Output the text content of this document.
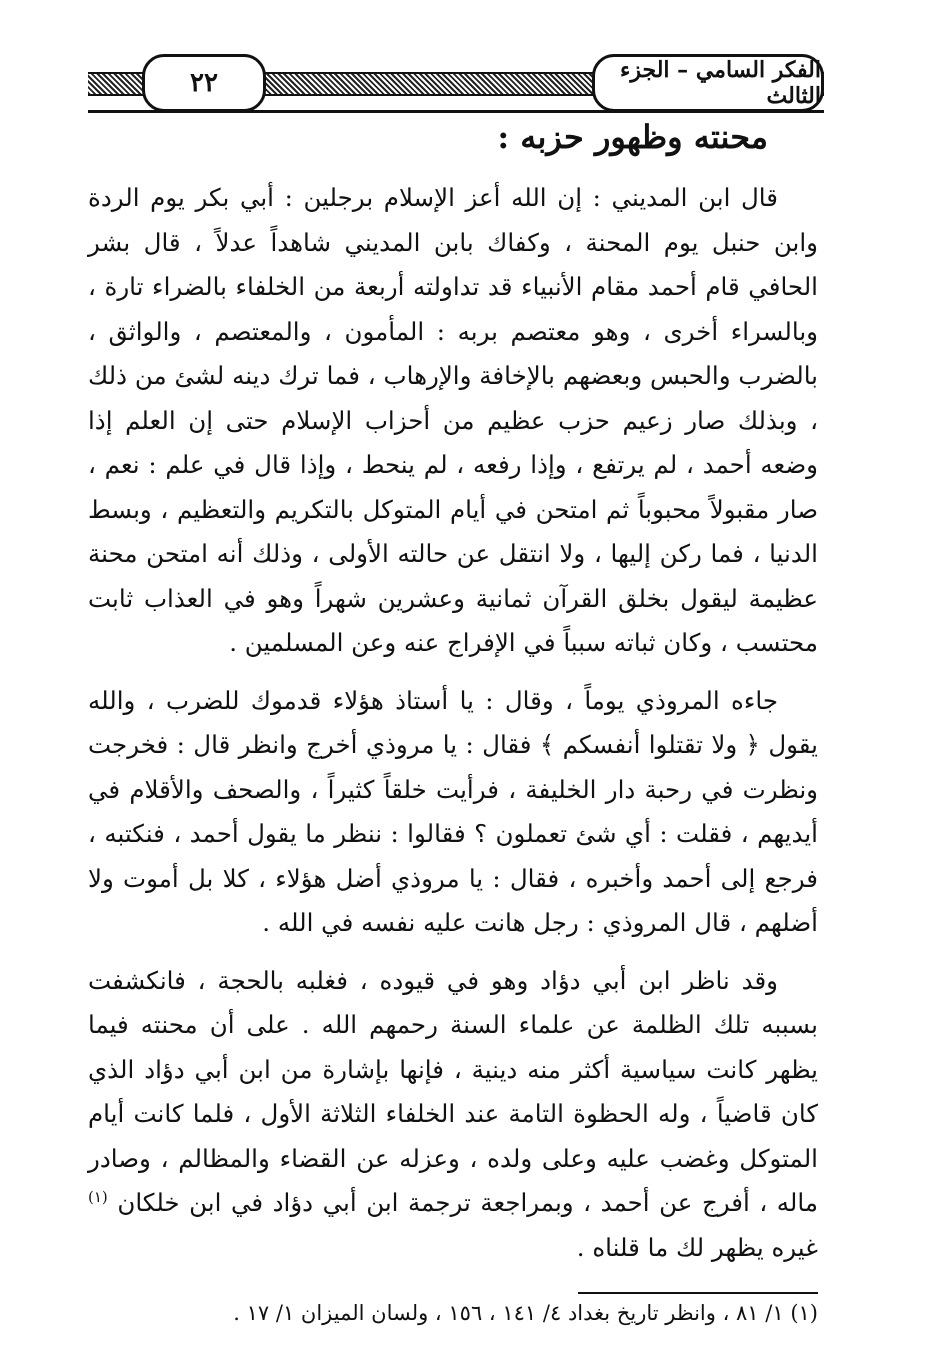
الفكر السامي – الجزء الثالث
٢٢
محنته وظهور حزبه :

قال ابن المديني : إن الله أعز الإسلام برجلين : أبي بكر يوم الردة وابن حنبل يوم المحنة ، وكفاك بابن المديني شاهداً عدلاً ، قال بشر الحافي قام أحمد مقام الأنبياء قد تداولته أربعة من الخلفاء بالضراء تارة ، وبالسراء أخرى ، وهو معتصم بربه : المأمون ، والمعتصم ، والواثق ، بالضرب والحبس وبعضهم بالإخافة والإرهاب ، فما ترك دينه لشئ من ذلك ، وبذلك صار زعيم حزب عظيم من أحزاب الإسلام حتى إن العلم إذا وضعه أحمد ، لم يرتفع ، وإذا رفعه ، لم ينحط ، وإذا قال في علم : نعم ، صار مقبولاً محبوباً ثم امتحن في أيام المتوكل بالتكريم والتعظيم ، وبسط الدنيا ، فما ركن إليها ، ولا انتقل عن حالته الأولى ، وذلك أنه امتحن محنة عظيمة ليقول بخلق القرآن ثمانية وعشرين شهراً وهو في العذاب ثابت محتسب ، وكان ثباته سبباً في الإفراج عنه وعن المسلمين .

جاءه المروذي يوماً ، وقال : يا أستاذ هؤلاء قدموك للضرب ، والله يقول ﴿ ولا تقتلوا أنفسكم ﴾ فقال : يا مروذي أخرج وانظر قال : فخرجت ونظرت في رحبة دار الخليفة ، فرأيت خلقاً كثيراً ، والصحف والأقلام في أيديهم ، فقلت : أي شئ تعملون ؟ فقالوا : ننظر ما يقول أحمد ، فنكتبه ، فرجع إلى أحمد وأخبره ، فقال : يا مروذي أضل هؤلاء ، كلا بل أموت ولا أضلهم ، قال المروذي : رجل هانت عليه نفسه في الله .

وقد ناظر ابن أبي دؤاد وهو في قيوده ، فغلبه بالحجة ، فانكشفت بسببه تلك الظلمة عن علماء السنة رحمهم الله . على أن محنته فيما يظهر كانت سياسية أكثر منه دينية ، فإنها بإشارة من ابن أبي دؤاد الذي كان قاضياً ، وله الحظوة التامة عند الخلفاء الثلاثة الأول ، فلما كانت أيام المتوكل وغضب عليه وعلى ولده ، وعزله عن القضاء والمظالم ، وصادر ماله ، أفرج عن أحمد ، وبمراجعة ترجمة ابن أبي دؤاد في ابن خلكان $^{(١)}$ غيره يظهر لك ما قلناه .

(١) ١/ ٨١ ، وانظر تاريخ بغداد ٤/ ١٤١ ، ١٥٦ ، ولسان الميزان ١/ ١٧ .
